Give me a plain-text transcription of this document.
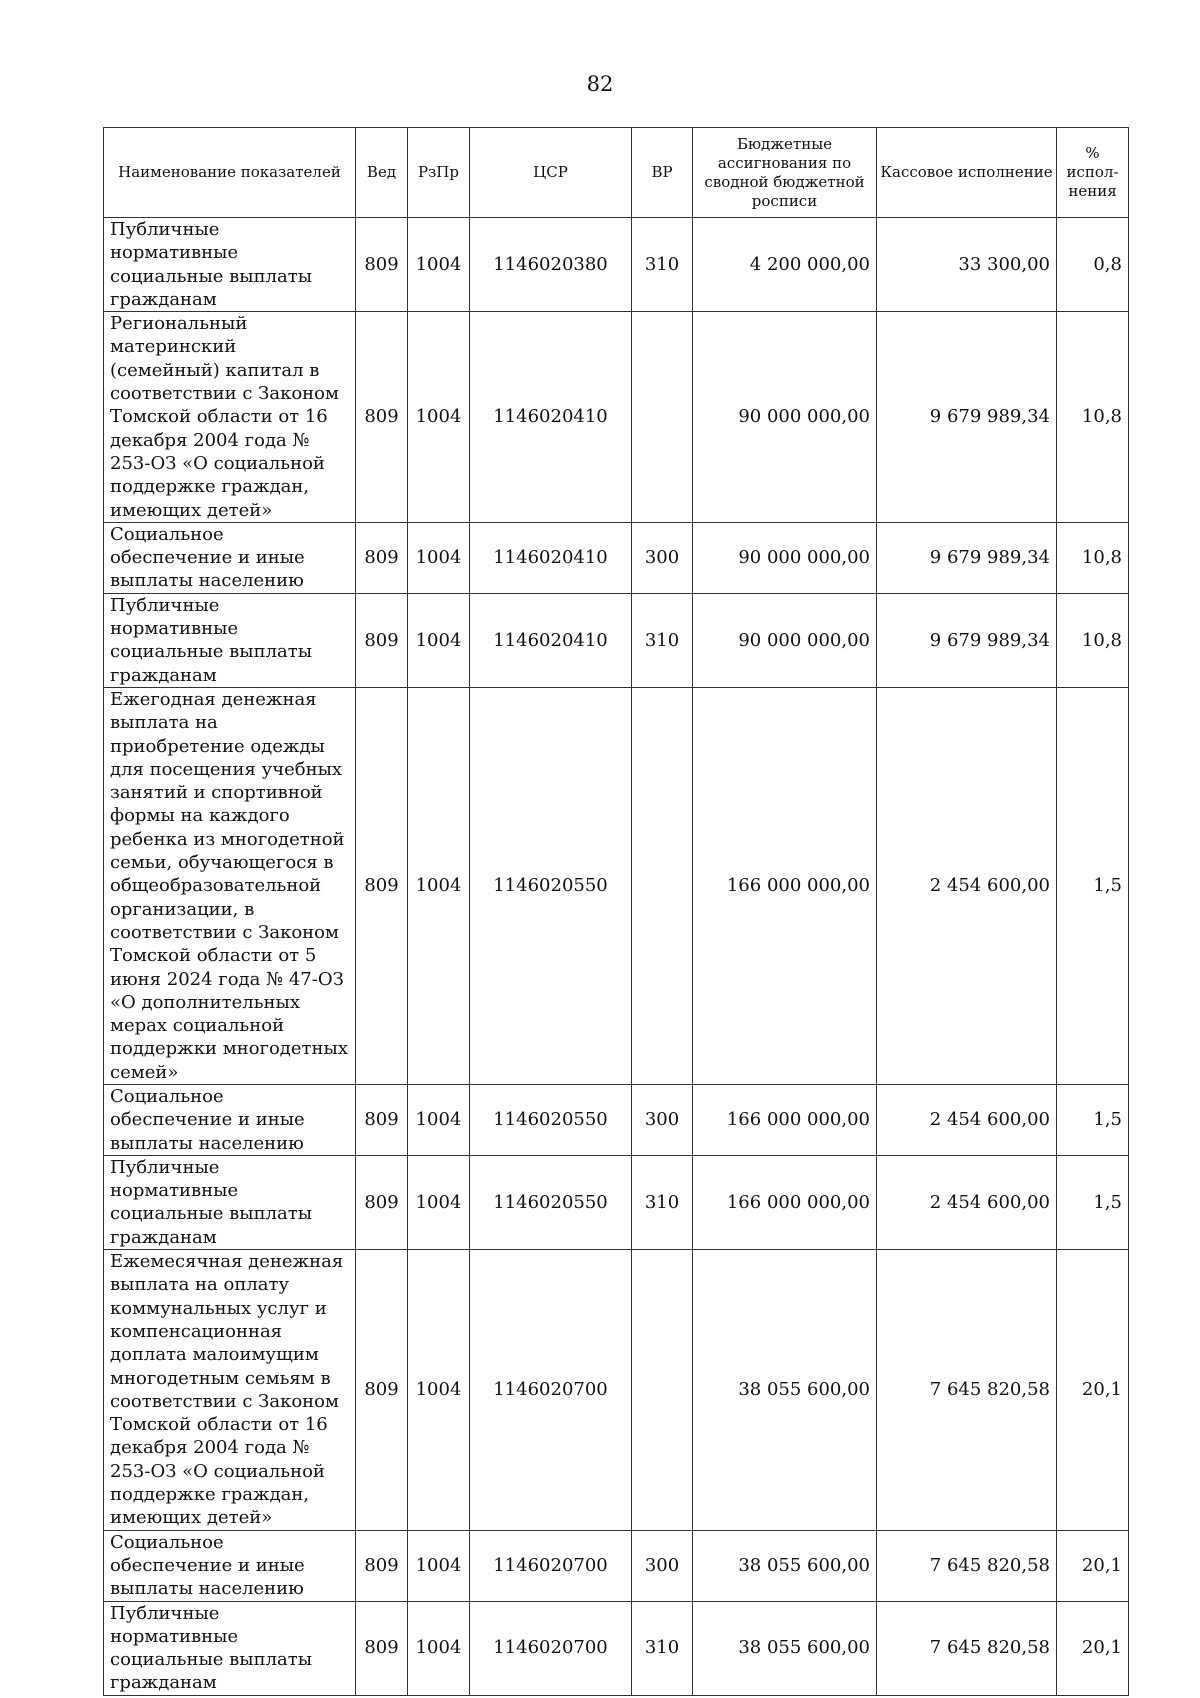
82
Наименование показателей	Вед	РзПр	ЦСР	ВР	Бюджетные ассигнования по сводной бюджетной росписи	Кассовое исполнение	% испол-нения
Публичные нормативные социальные выплаты гражданам	809	1004	1146020380	310	4 200 000,00	33 300,00	0,8
Региональный материнский (семейный) капитал в соответствии с Законом Томской области от 16 декабря 2004 года № 253-ОЗ «О социальной поддержке граждан, имеющих детей»	809	1004	1146020410		90 000 000,00	9 679 989,34	10,8
Социальное обеспечение и иные выплаты населению	809	1004	1146020410	300	90 000 000,00	9 679 989,34	10,8
Публичные нормативные социальные выплаты гражданам	809	1004	1146020410	310	90 000 000,00	9 679 989,34	10,8
Ежегодная денежная выплата на приобретение одежды для посещения учебных занятий и спортивной формы на каждого ребенка из многодетной семьи, обучающегося в общеобразовательной организации, в соответствии с Законом Томской области от 5 июня 2024 года № 47-ОЗ «О дополнительных мерах социальной поддержки многодетных семей»	809	1004	1146020550		166 000 000,00	2 454 600,00	1,5
Социальное обеспечение и иные выплаты населению	809	1004	1146020550	300	166 000 000,00	2 454 600,00	1,5
Публичные нормативные социальные выплаты гражданам	809	1004	1146020550	310	166 000 000,00	2 454 600,00	1,5
Ежемесячная денежная выплата на оплату коммунальных услуг и компенсационная доплата малоимущим многодетным семьям в соответствии с Законом Томской области от 16 декабря 2004 года № 253-ОЗ «О социальной поддержке граждан, имеющих детей»	809	1004	1146020700		38 055 600,00	7 645 820,58	20,1
Социальное обеспечение и иные выплаты населению	809	1004	1146020700	300	38 055 600,00	7 645 820,58	20,1
Публичные нормативные социальные выплаты гражданам	809	1004	1146020700	310	38 055 600,00	7 645 820,58	20,1
